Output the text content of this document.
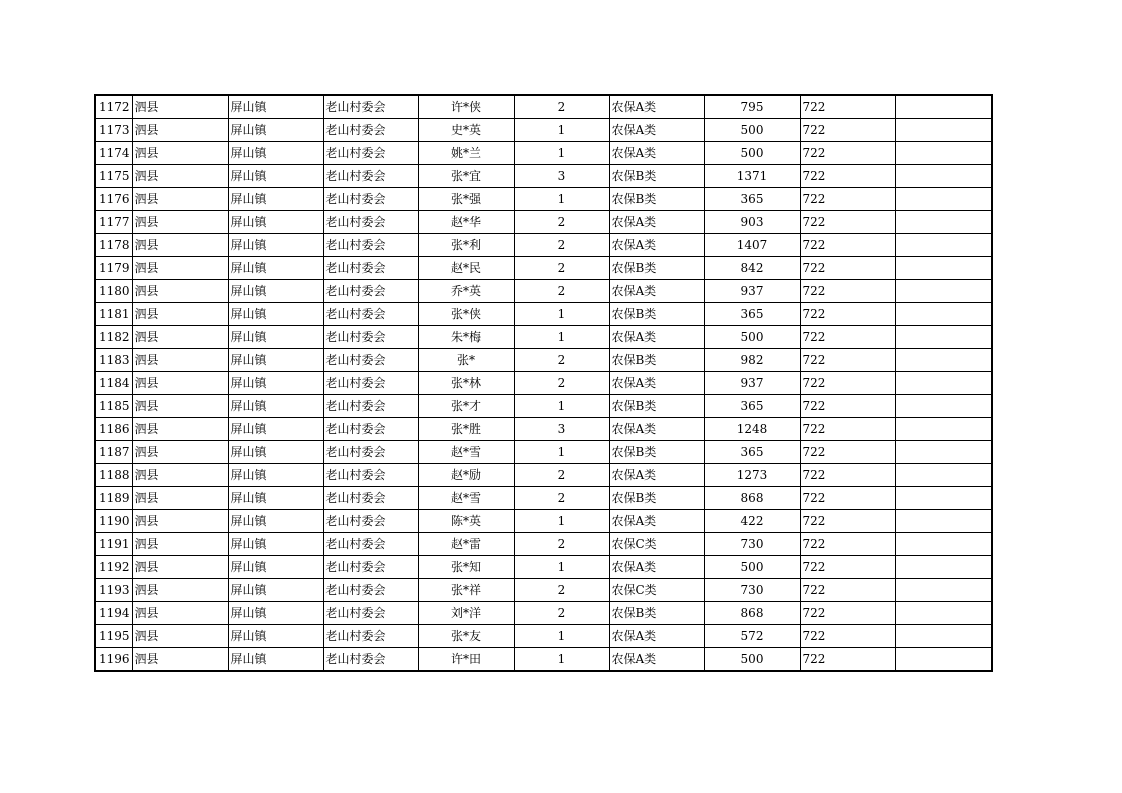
1172	泗县	屏山镇	老山村委会	许*侠	2	农保A类	795	722	
1173	泗县	屏山镇	老山村委会	史*英	1	农保A类	500	722	
1174	泗县	屏山镇	老山村委会	姚*兰	1	农保A类	500	722	
1175	泗县	屏山镇	老山村委会	张*宜	3	农保B类	1371	722	
1176	泗县	屏山镇	老山村委会	张*强	1	农保B类	365	722	
1177	泗县	屏山镇	老山村委会	赵*华	2	农保A类	903	722	
1178	泗县	屏山镇	老山村委会	张*利	2	农保A类	1407	722	
1179	泗县	屏山镇	老山村委会	赵*民	2	农保B类	842	722	
1180	泗县	屏山镇	老山村委会	乔*英	2	农保A类	937	722	
1181	泗县	屏山镇	老山村委会	张*侠	1	农保B类	365	722	
1182	泗县	屏山镇	老山村委会	朱*梅	1	农保A类	500	722	
1183	泗县	屏山镇	老山村委会	张*	2	农保B类	982	722	
1184	泗县	屏山镇	老山村委会	张*林	2	农保A类	937	722	
1185	泗县	屏山镇	老山村委会	张*才	1	农保B类	365	722	
1186	泗县	屏山镇	老山村委会	张*胜	3	农保A类	1248	722	
1187	泗县	屏山镇	老山村委会	赵*雪	1	农保B类	365	722	
1188	泗县	屏山镇	老山村委会	赵*励	2	农保A类	1273	722	
1189	泗县	屏山镇	老山村委会	赵*雪	2	农保B类	868	722	
1190	泗县	屏山镇	老山村委会	陈*英	1	农保A类	422	722	
1191	泗县	屏山镇	老山村委会	赵*雷	2	农保C类	730	722	
1192	泗县	屏山镇	老山村委会	张*知	1	农保A类	500	722	
1193	泗县	屏山镇	老山村委会	张*祥	2	农保C类	730	722	
1194	泗县	屏山镇	老山村委会	刘*洋	2	农保B类	868	722	
1195	泗县	屏山镇	老山村委会	张*友	1	农保A类	572	722	
1196	泗县	屏山镇	老山村委会	许*田	1	农保A类	500	722	
